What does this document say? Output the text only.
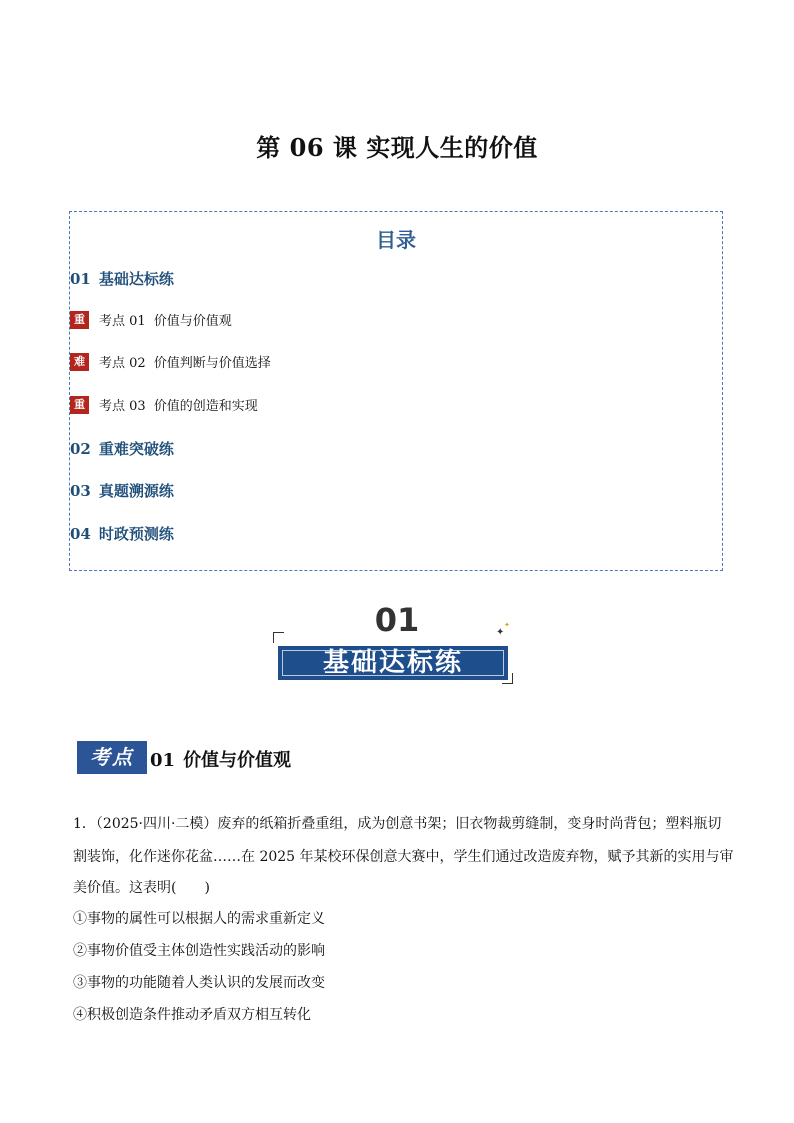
第 06 课 实现人生的价值
目录
01 基础达标练
重	考点 01 价值与价值观
难	考点 02 价值判断与价值选择
重	考点 03 价值的创造和实现
02 重难突破练
03 真题溯源练
04 时政预测练
01	✦
✦
基础达标练
考点 01 价值与价值观
1．（2025·四川·二模）废弃的纸箱折叠重组，成为创意书架；旧衣物裁剪缝制，变身时尚背包；塑料瓶切
割装饰，化作迷你花盆……在 2025 年某校环保创意大赛中，学生们通过改造废弃物，赋予其新的实用与审
美价值。这表明(　　)
①事物的属性可以根据人的需求重新定义
②事物价值受主体创造性实践活动的影响
③事物的功能随着人类认识的发展而改变
④积极创造条件推动矛盾双方相互转化
